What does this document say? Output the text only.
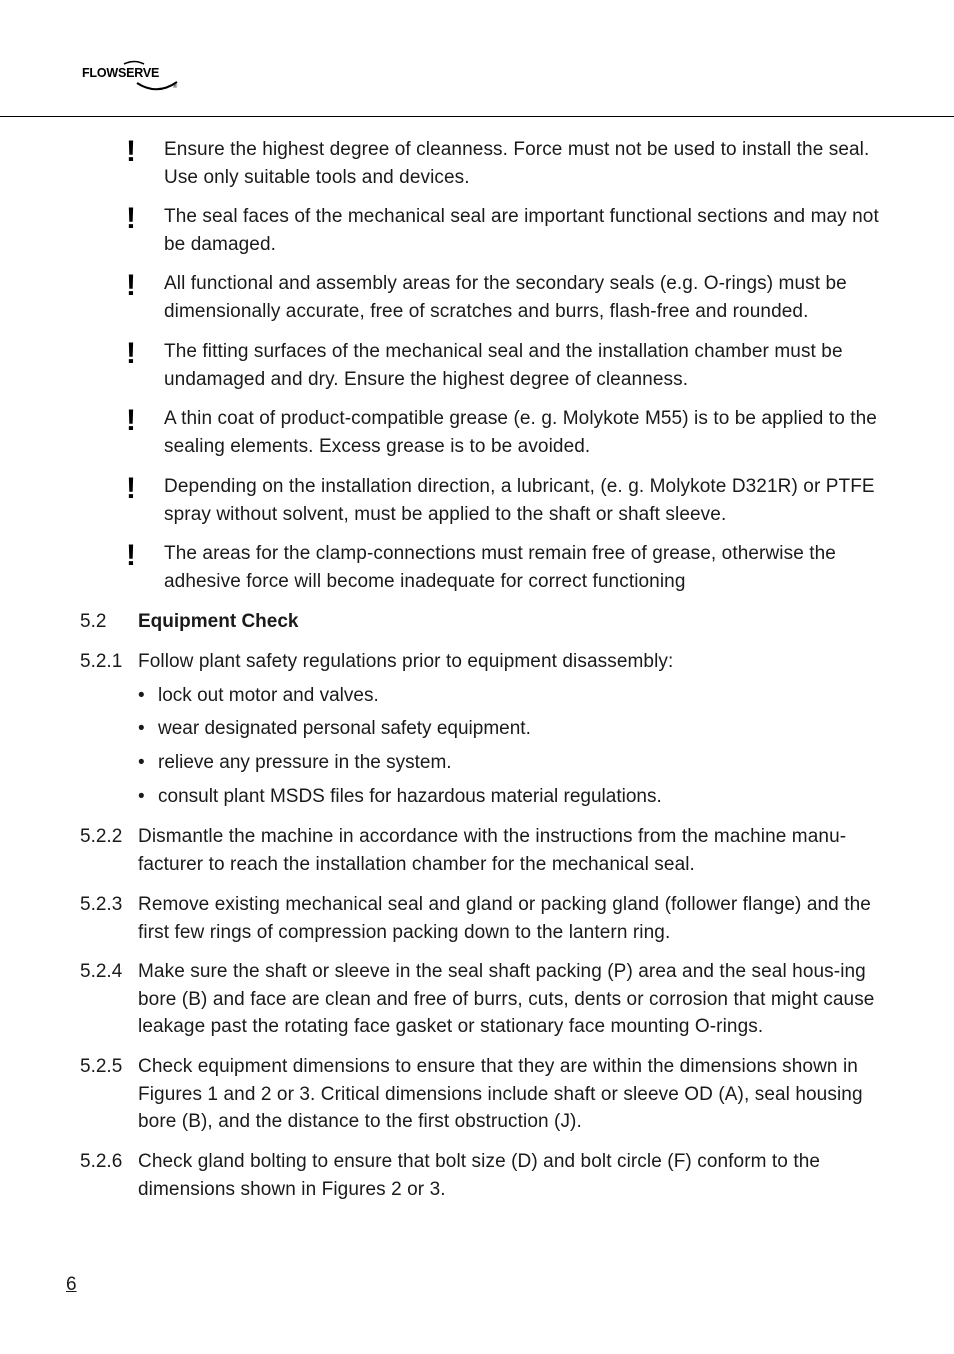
FLOWSERVE
®
! Ensure the highest degree of cleanness. Force must not be used to install the seal. Use only suitable tools and devices.
! The seal faces of the mechanical seal are important functional sections and may not be damaged.
! All functional and assembly areas for the secondary seals (e.g. O-rings) must be dimensionally accurate, free of scratches and burrs, flash-free and rounded.
! The fitting surfaces of the mechanical seal and the installation chamber must be undamaged and dry. Ensure the highest degree of cleanness.
! A thin coat of product-compatible grease (e. g. Molykote M55) is to be applied to the sealing elements. Excess grease is to be avoided.
! Depending on the installation direction, a lubricant, (e. g. Molykote D321R) or PTFE spray without solvent, must be applied to the shaft or shaft sleeve.
! The areas for the clamp-connections must remain free of grease, otherwise the adhesive force will become inadequate for correct functioning
5.2 Equipment Check
5.2.1 Follow plant safety regulations prior to equipment disassembly:
• lock out motor and valves.
• wear designated personal safety equipment.
• relieve any pressure in the system.
• consult plant MSDS files for hazardous material regulations.
5.2.2 Dismantle the machine in accordance with the instructions from the machine manu-facturer to reach the installation chamber for the mechanical seal.
5.2.3 Remove existing mechanical seal and gland or packing gland (follower flange) and the first few rings of compression packing down to the lantern ring.
5.2.4 Make sure the shaft or sleeve in the seal shaft packing (P) area and the seal hous-ing bore (B) and face are clean and free of burrs, cuts, dents or corrosion that might cause leakage past the rotating face gasket or stationary face mounting O-rings.
5.2.5 Check equipment dimensions to ensure that they are within the dimensions shown in Figures 1 and 2 or 3. Critical dimensions include shaft or sleeve OD (A), seal housing bore (B), and the distance to the first obstruction (J).
5.2.6 Check gland bolting to ensure that bolt size (D) and bolt circle (F) conform to the dimensions shown in Figures 2 or 3.
6
